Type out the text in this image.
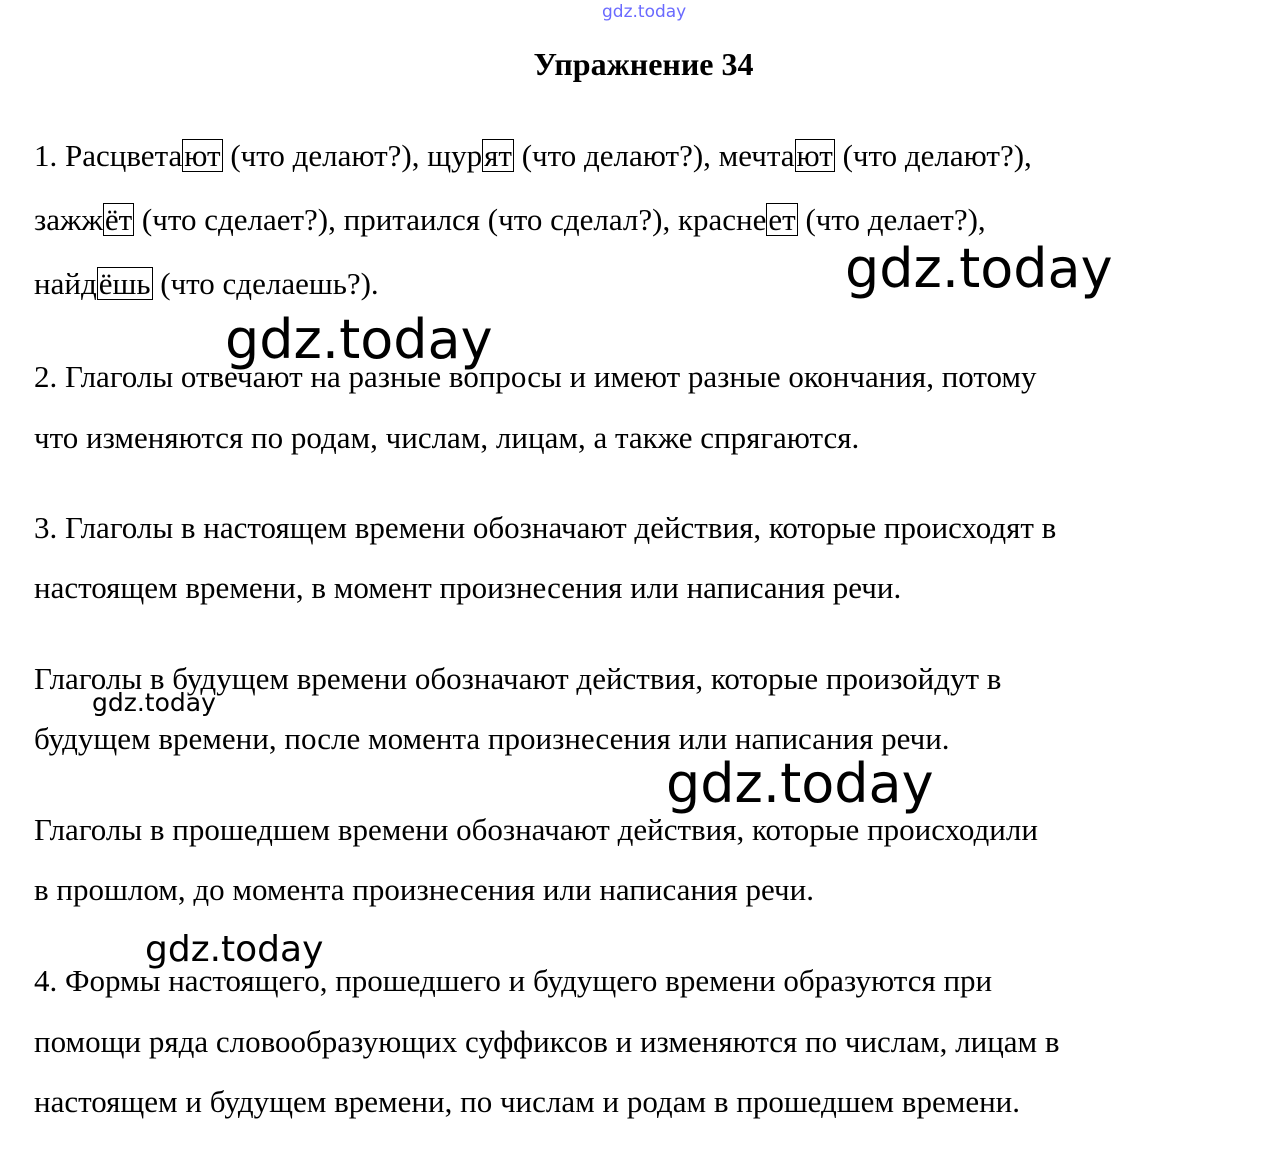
gdz.today
Упражнение 34
1. Расцветают (что делают?), щурят (что делают?), мечтают (что делают?),
зажжёт (что сделает?), притаился (что сделал?), краснеет (что делает?),
найдёшь (что сделаешь?).
2. Глаголы отвечают на разные вопросы и имеют разные окончания, потому
что изменяются по родам, числам, лицам, а также спрягаются.
3. Глаголы в настоящем времени обозначают действия, которые происходят в
настоящем времени, в момент произнесения или написания речи.
Глаголы в будущем времени обозначают действия, которые произойдут в
будущем времени, после момента произнесения или написания речи.
Глаголы в прошедшем времени обозначают действия, которые происходили
в прошлом, до момента произнесения или написания речи.
4. Формы настоящего, прошедшего и будущего времени образуются при
помощи ряда словообразующих суффиксов и изменяются по числам, лицам в
настоящем и будущем времени, по числам и родам в прошедшем времени.
gdz.today
gdz.today
gdz.today
gdz.today
gdz.today
